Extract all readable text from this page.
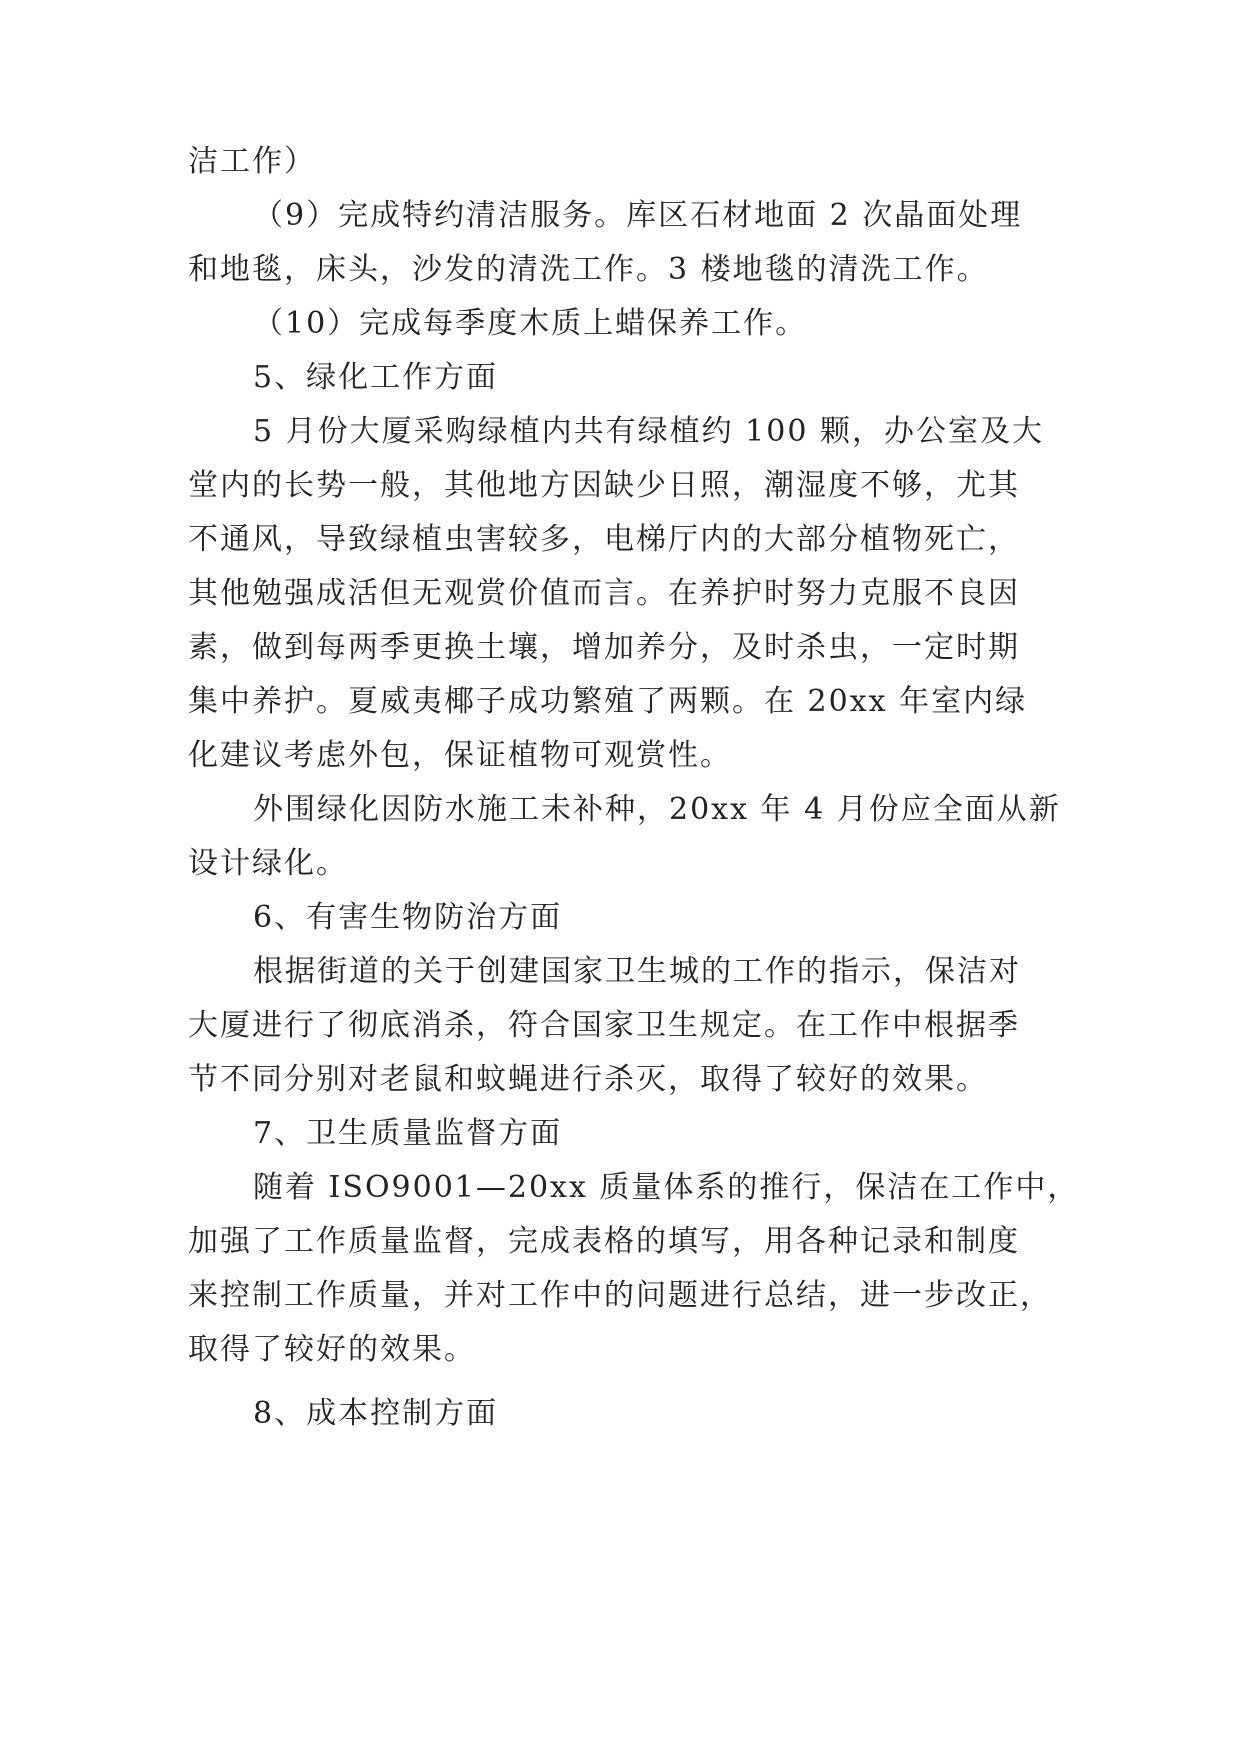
洁工作）
（9）完成特约清洁服务。库区石材地面 2 次晶面处理
和地毯，床头，沙发的清洗工作。3 楼地毯的清洗工作。
（10）完成每季度木质上蜡保养工作。
5、绿化工作方面
5 月份大厦采购绿植内共有绿植约 100 颗，办公室及大
堂内的长势一般，其他地方因缺少日照，潮湿度不够，尤其
不通风，导致绿植虫害较多，电梯厅内的大部分植物死亡，
其他勉强成活但无观赏价值而言。在养护时努力克服不良因
素，做到每两季更换土壤，增加养分，及时杀虫，一定时期
集中养护。夏威夷椰子成功繁殖了两颗。在 20xx 年室内绿
化建议考虑外包，保证植物可观赏性。
外围绿化因防水施工未补种，20xx 年 4 月份应全面从新
设计绿化。
6、有害生物防治方面
根据街道的关于创建国家卫生城的工作的指示，保洁对
大厦进行了彻底消杀，符合国家卫生规定。在工作中根据季
节不同分别对老鼠和蚊蝇进行杀灭，取得了较好的效果。
7、卫生质量监督方面
随着 ISO9001—20xx 质量体系的推行，保洁在工作中，
加强了工作质量监督，完成表格的填写，用各种记录和制度
来控制工作质量，并对工作中的问题进行总结，进一步改正，
取得了较好的效果。
8、成本控制方面
